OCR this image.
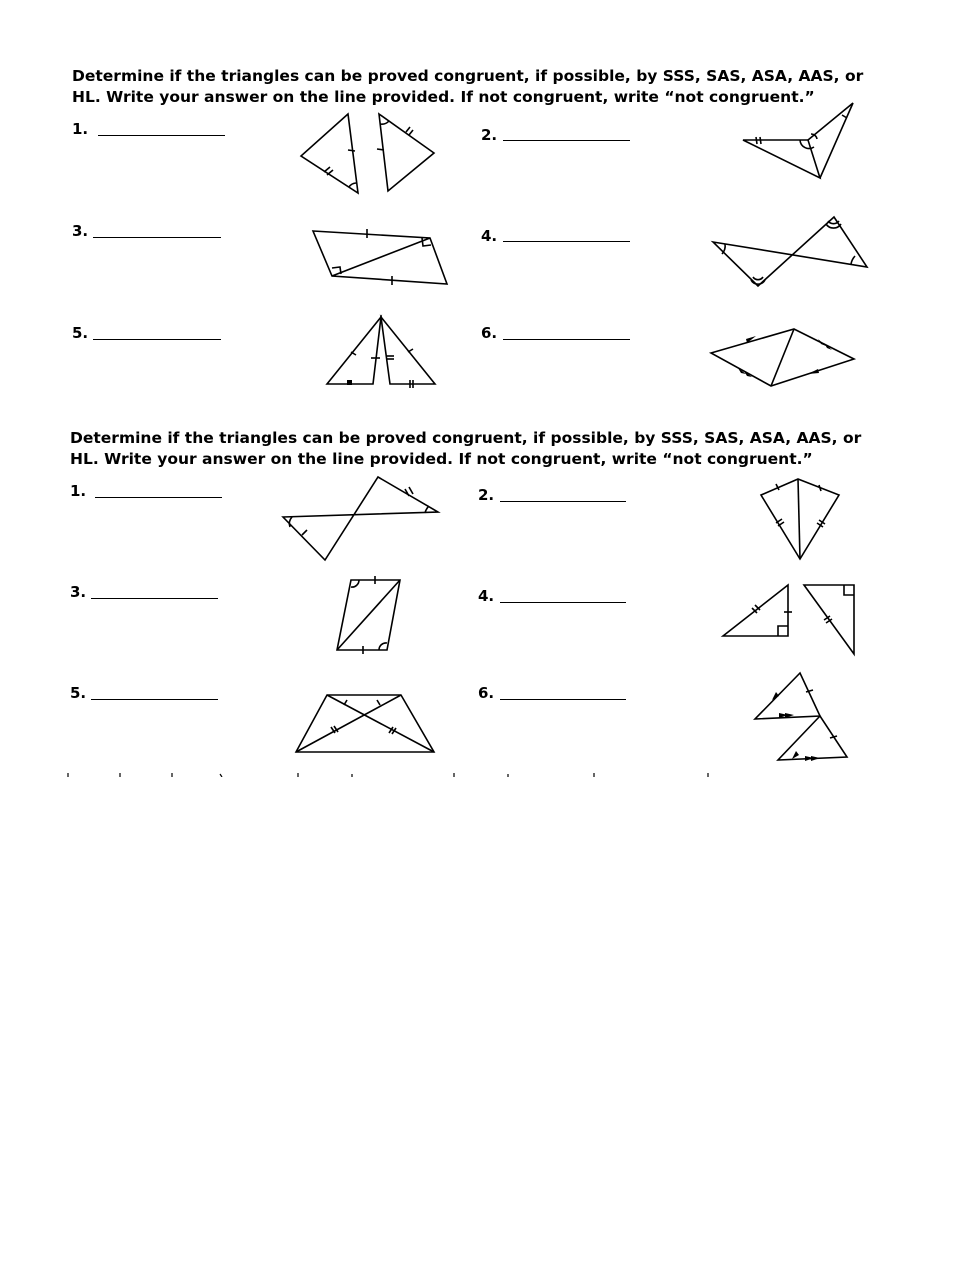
Determine if the triangles can be proved congruent, if possible, by SSS, SAS, ASA, AAS, or HL. Write your answer on the line provided. If not congruent, write “not congruent.”

1.	2.
3.	4.
5.	6.

Determine if the triangles can be proved congruent, if possible, by SSS, SAS, ASA, AAS, or HL. Write your answer on the line provided. If not congruent, write “not congruent.”

1.	2.
3.	4.
5.	6.
